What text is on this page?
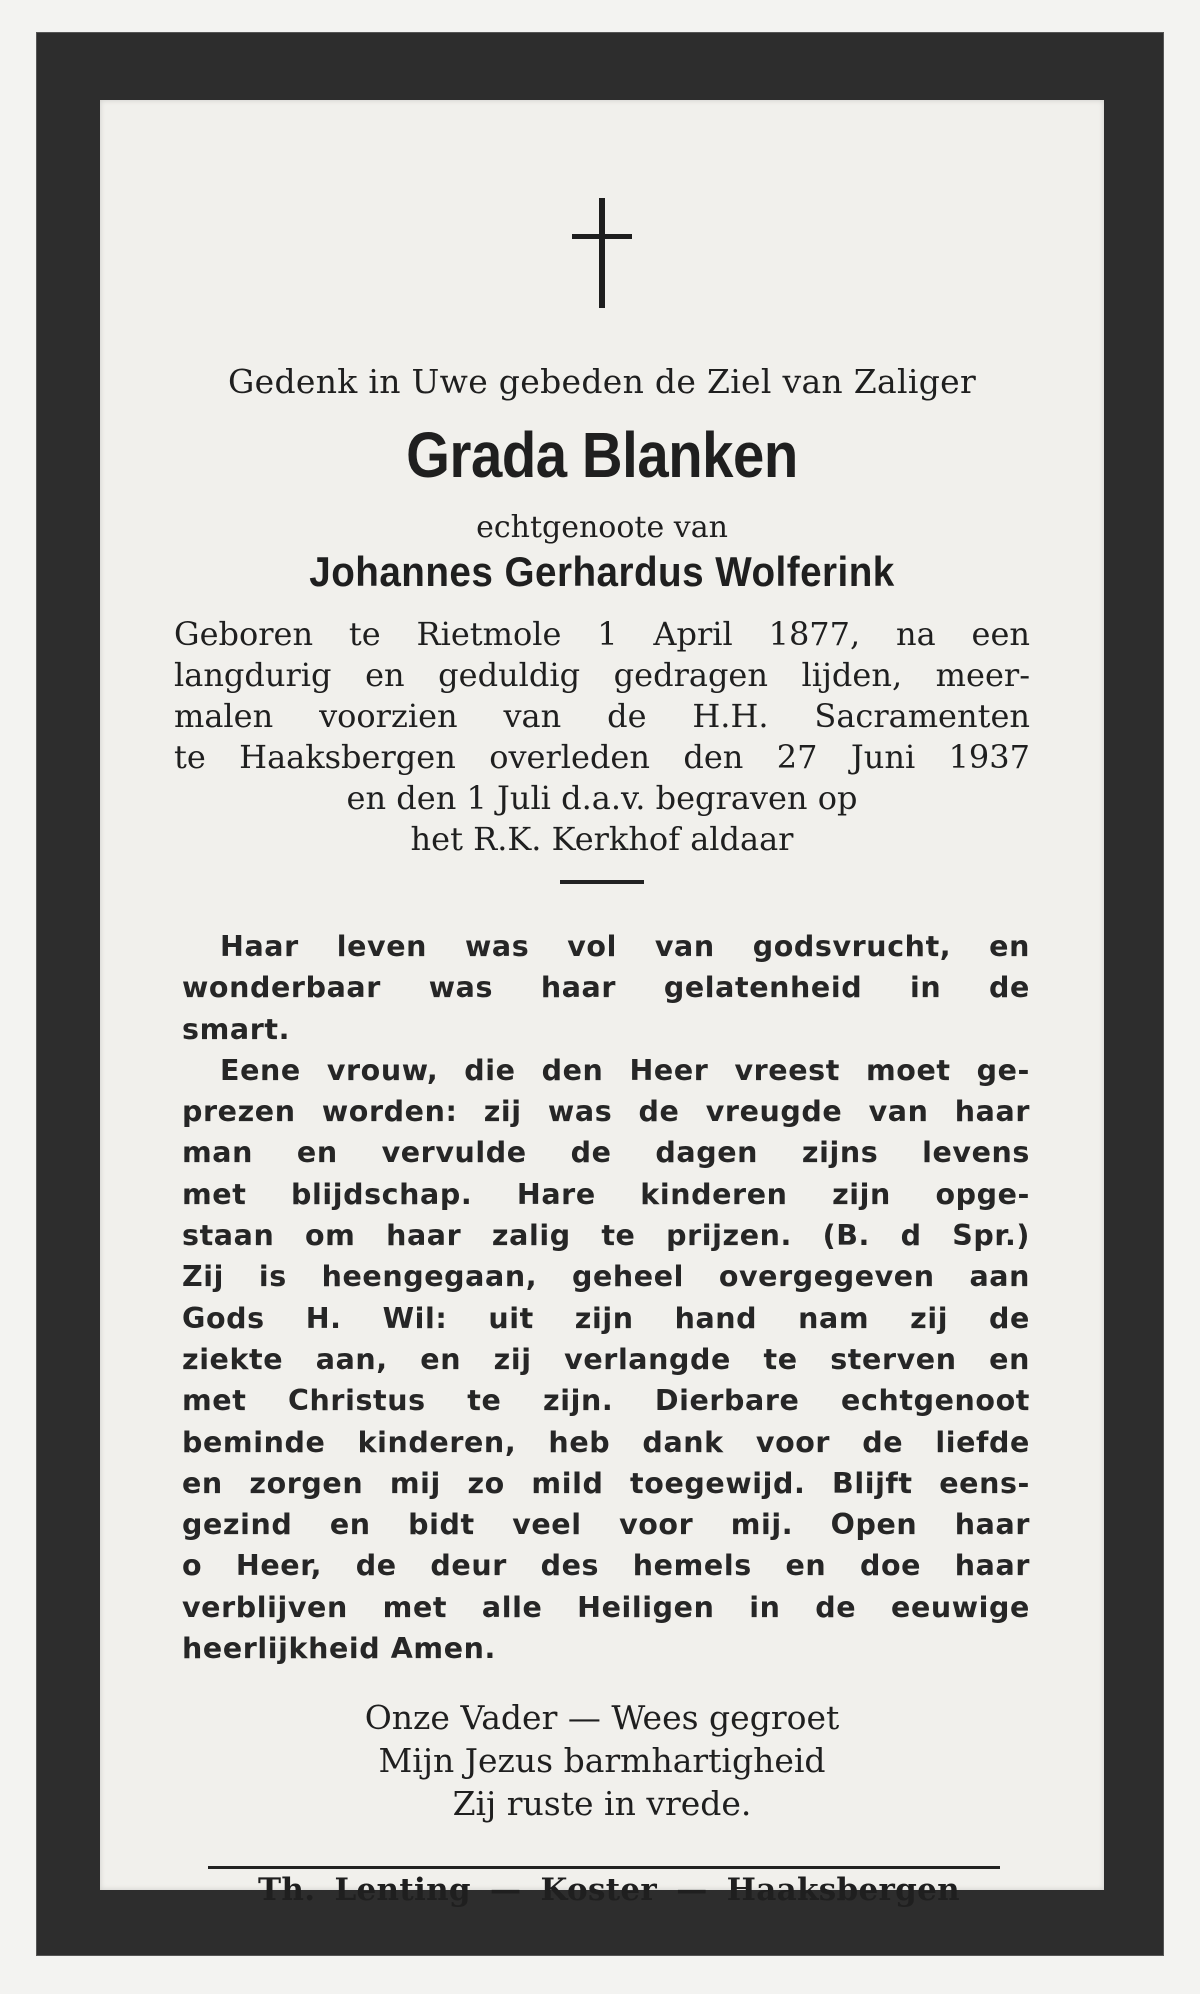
Gedenk in Uwe gebeden de Ziel van Zaliger
Grada Blanken
echtgenoote van
Johannes Gerhardus Wolferink
Geboren te Rietmole 1 April 1877, na een
langdurig en geduldig gedragen lijden, meer-
malen voorzien van de H.H. Sacramenten
te Haaksbergen overleden den 27 Juni 1937
en den 1 Juli d.a.v. begraven op
het R.K. Kerkhof aldaar
Haar leven was vol van godsvrucht, en
wonderbaar was haar gelatenheid in de
smart.
Eene vrouw, die den Heer vreest moet ge-
prezen worden: zij was de vreugde van haar
man en vervulde de dagen zijns levens
met blijdschap. Hare kinderen zijn opge-
staan om haar zalig te prijzen. (B. d Spr.)
Zij is heengegaan, geheel overgegeven aan
Gods H. Wil: uit zijn hand nam zij de
ziekte aan, en zij verlangde te sterven en
met Christus te zijn. Dierbare echtgenoot
beminde kinderen, heb dank voor de liefde
en zorgen mij zo mild toegewijd. Blijft eens-
gezind en bidt veel voor mij. Open haar
o Heer, de deur des hemels en doe haar
verblijven met alle Heiligen in de eeuwige
heerlijkheid Amen.
Onze Vader — Wees gegroet
Mijn Jezus barmhartigheid
Zij ruste in vrede.
Th. Lenting — Koster — Haaksbergen
